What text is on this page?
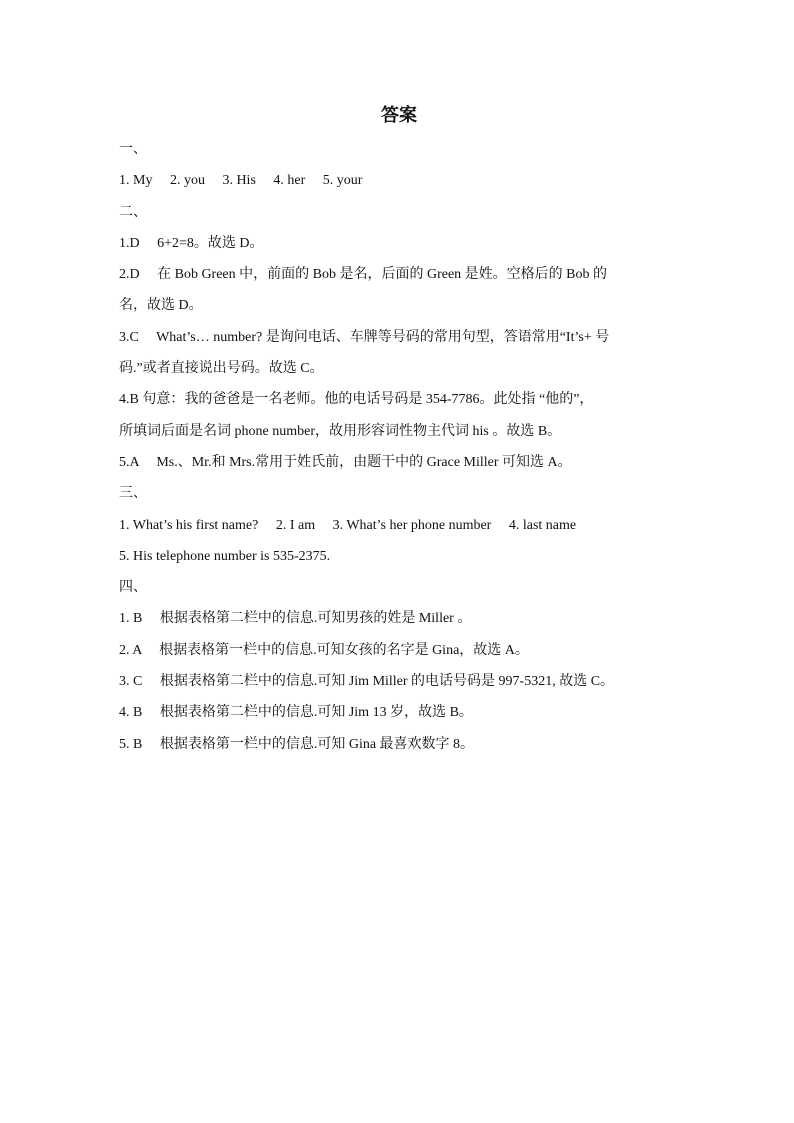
答案
一、
1. My　 2. you　 3. His　 4. her　 5. your
二、
1.D　 6+2=8。故选 D。
2.D　 在 Bob Green 中，前面的 Bob 是名，后面的 Green 是姓。空格后的 Bob 的
名，故选 D。
3.C　 What’s… number? 是询问电话、车牌等号码的常用句型，答语常用“It’s+ 号
码.”或者直接说出号码。故选 C。
4.B 句意：我的爸爸是一名老师。他的电话号码是 354-7786。此处指 “他的”，
所填词后面是名词 phone number，故用形容词性物主代词 his 。故选 B。
5.A　 Ms.、Mr.和 Mrs.常用于姓氏前，由题干中的 Grace Miller 可知选 A。
三、
1. What’s his first name?　 2. I am　 3. What’s her phone number　 4. last name
5. His telephone number is 535-2375.
四、
1. B　 根据表格第二栏中的信息.可知男孩的姓是 Miller 。
2. A　 根据表格第一栏中的信息.可知女孩的名字是 Gina，故选 A。
3. C　 根据表格第二栏中的信息.可知 Jim Miller 的电话号码是 997-5321, 故选 C。
4. B　 根据表格第二栏中的信息.可知 Jim 13 岁，故选 B。
5. B　 根据表格第一栏中的信息.可知 Gina 最喜欢数字 8。
